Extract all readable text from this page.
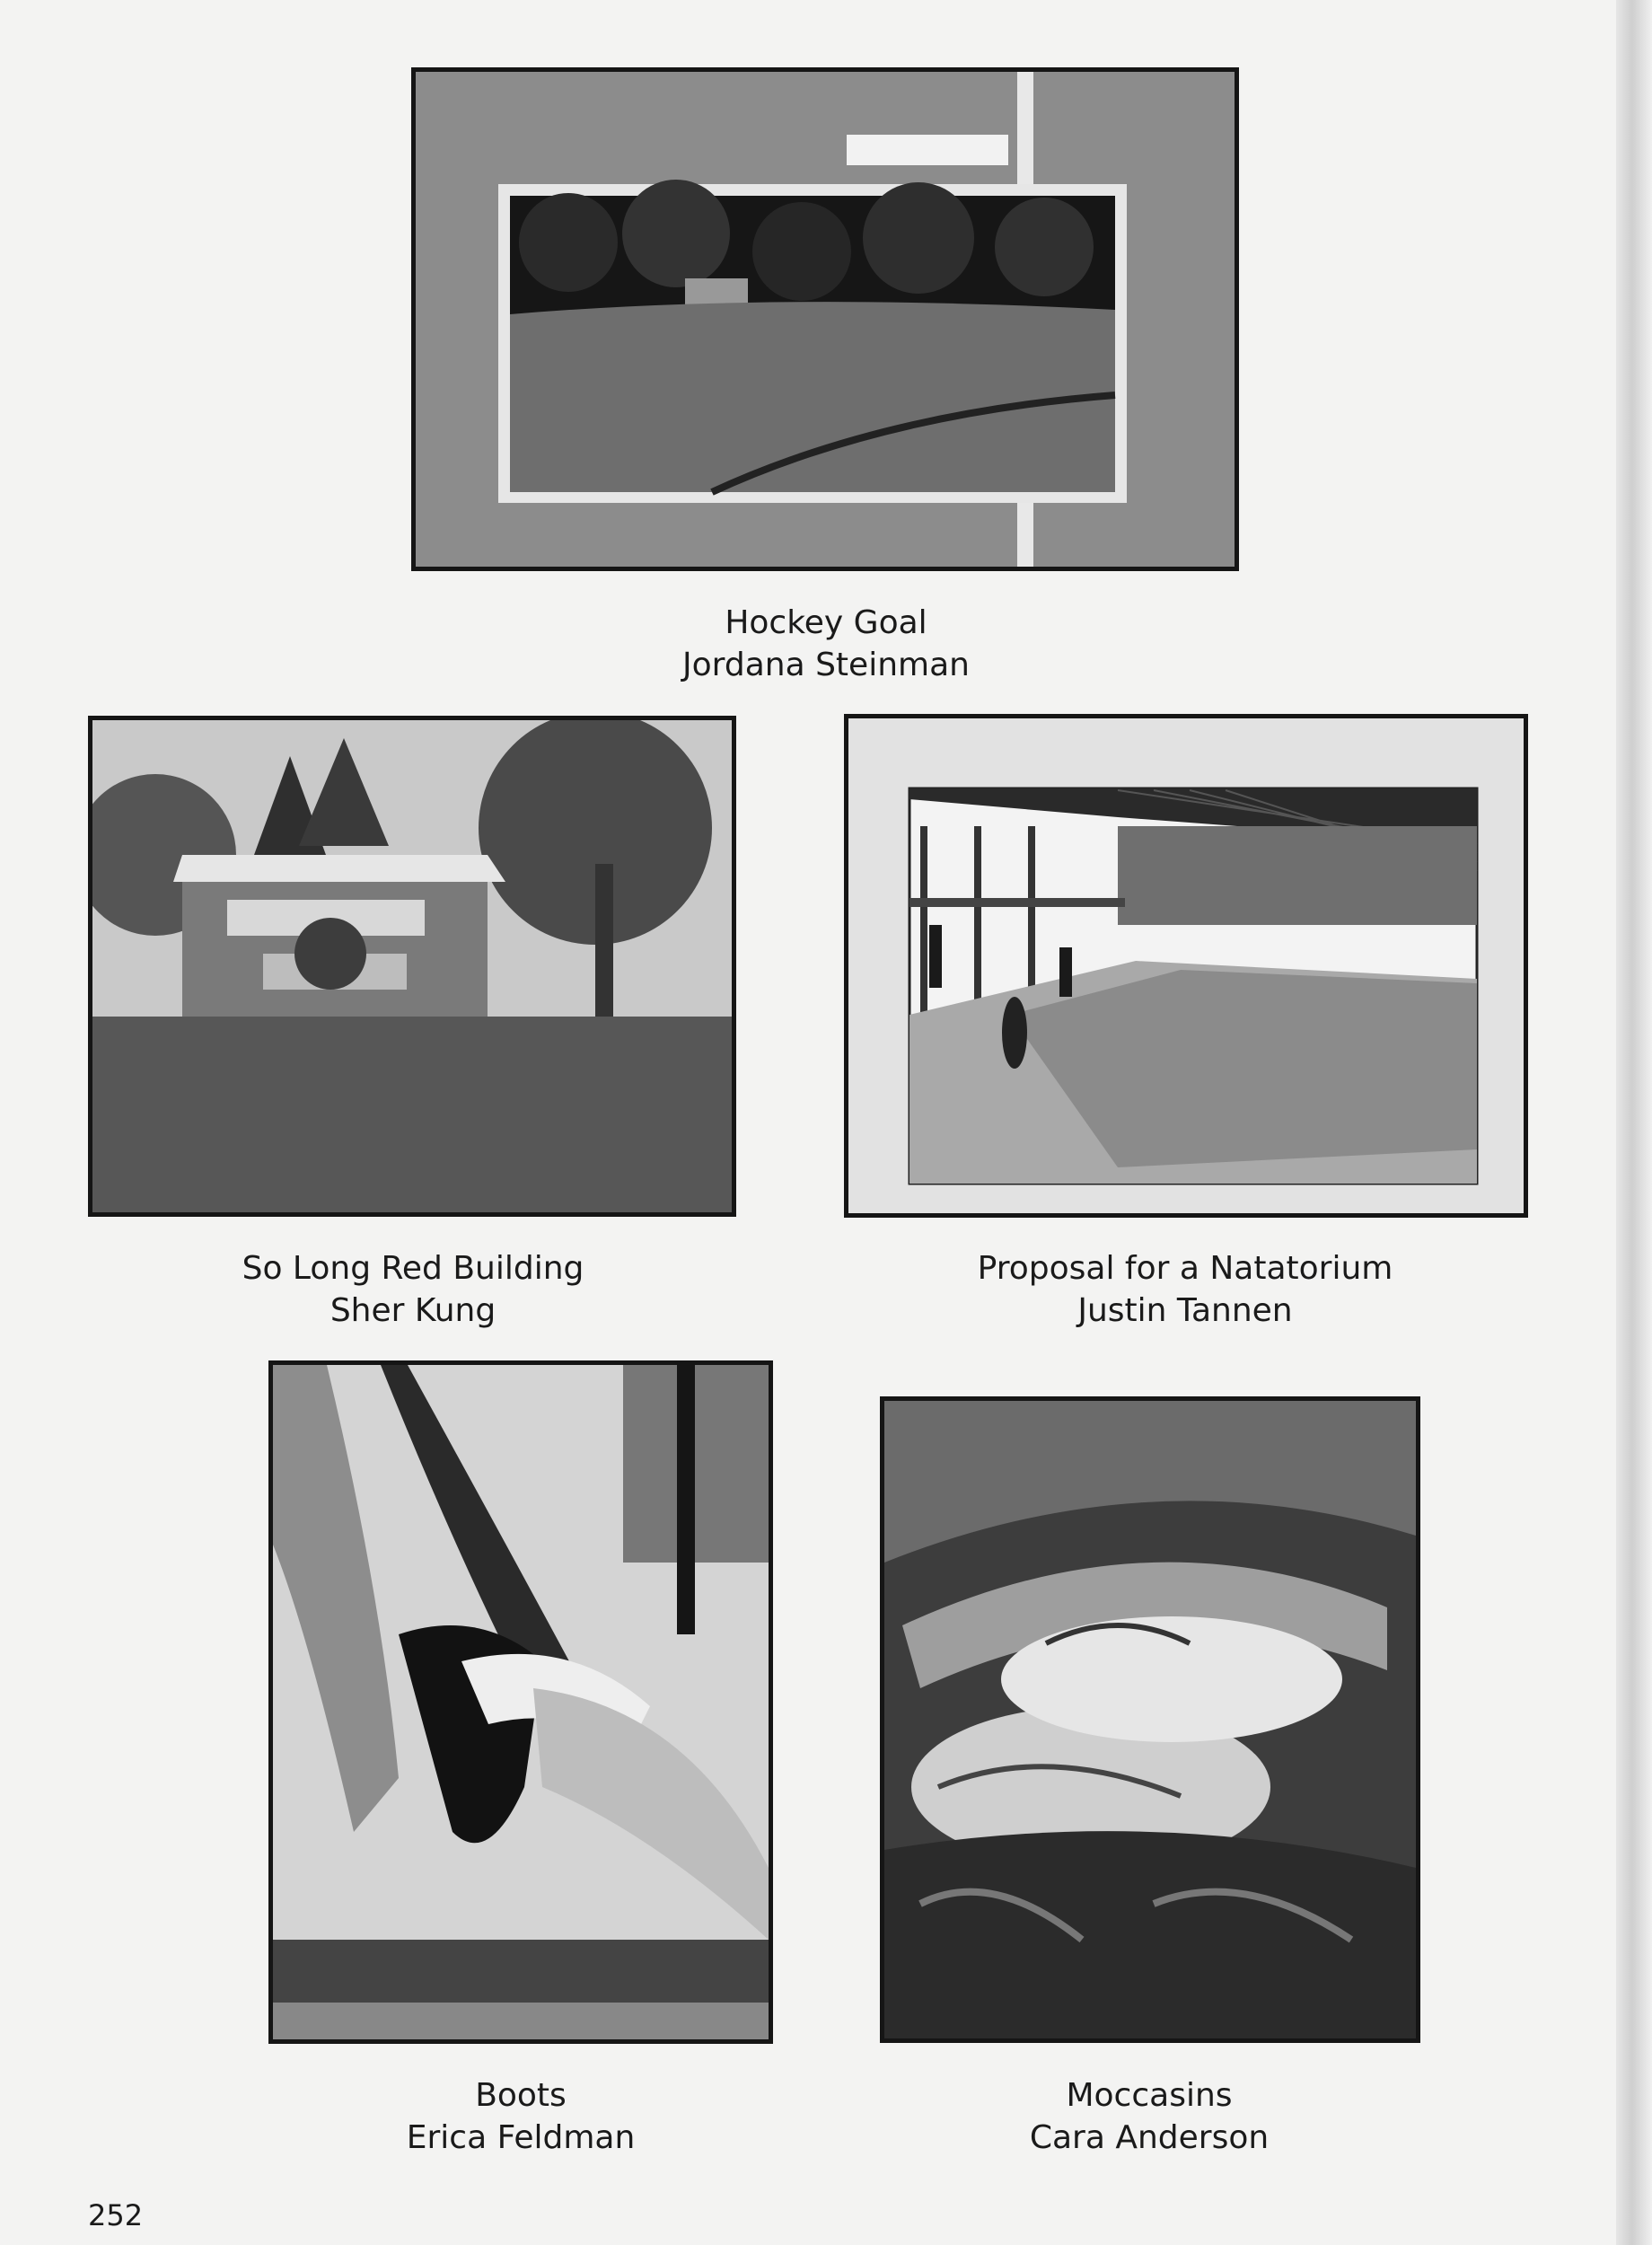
Hockey Goal
Jordana Steinman
So Long Red Building
Sher Kung
Proposal for a Natatorium
Justin Tannen
Boots
Erica Feldman
Moccasins
Cara Anderson
252
